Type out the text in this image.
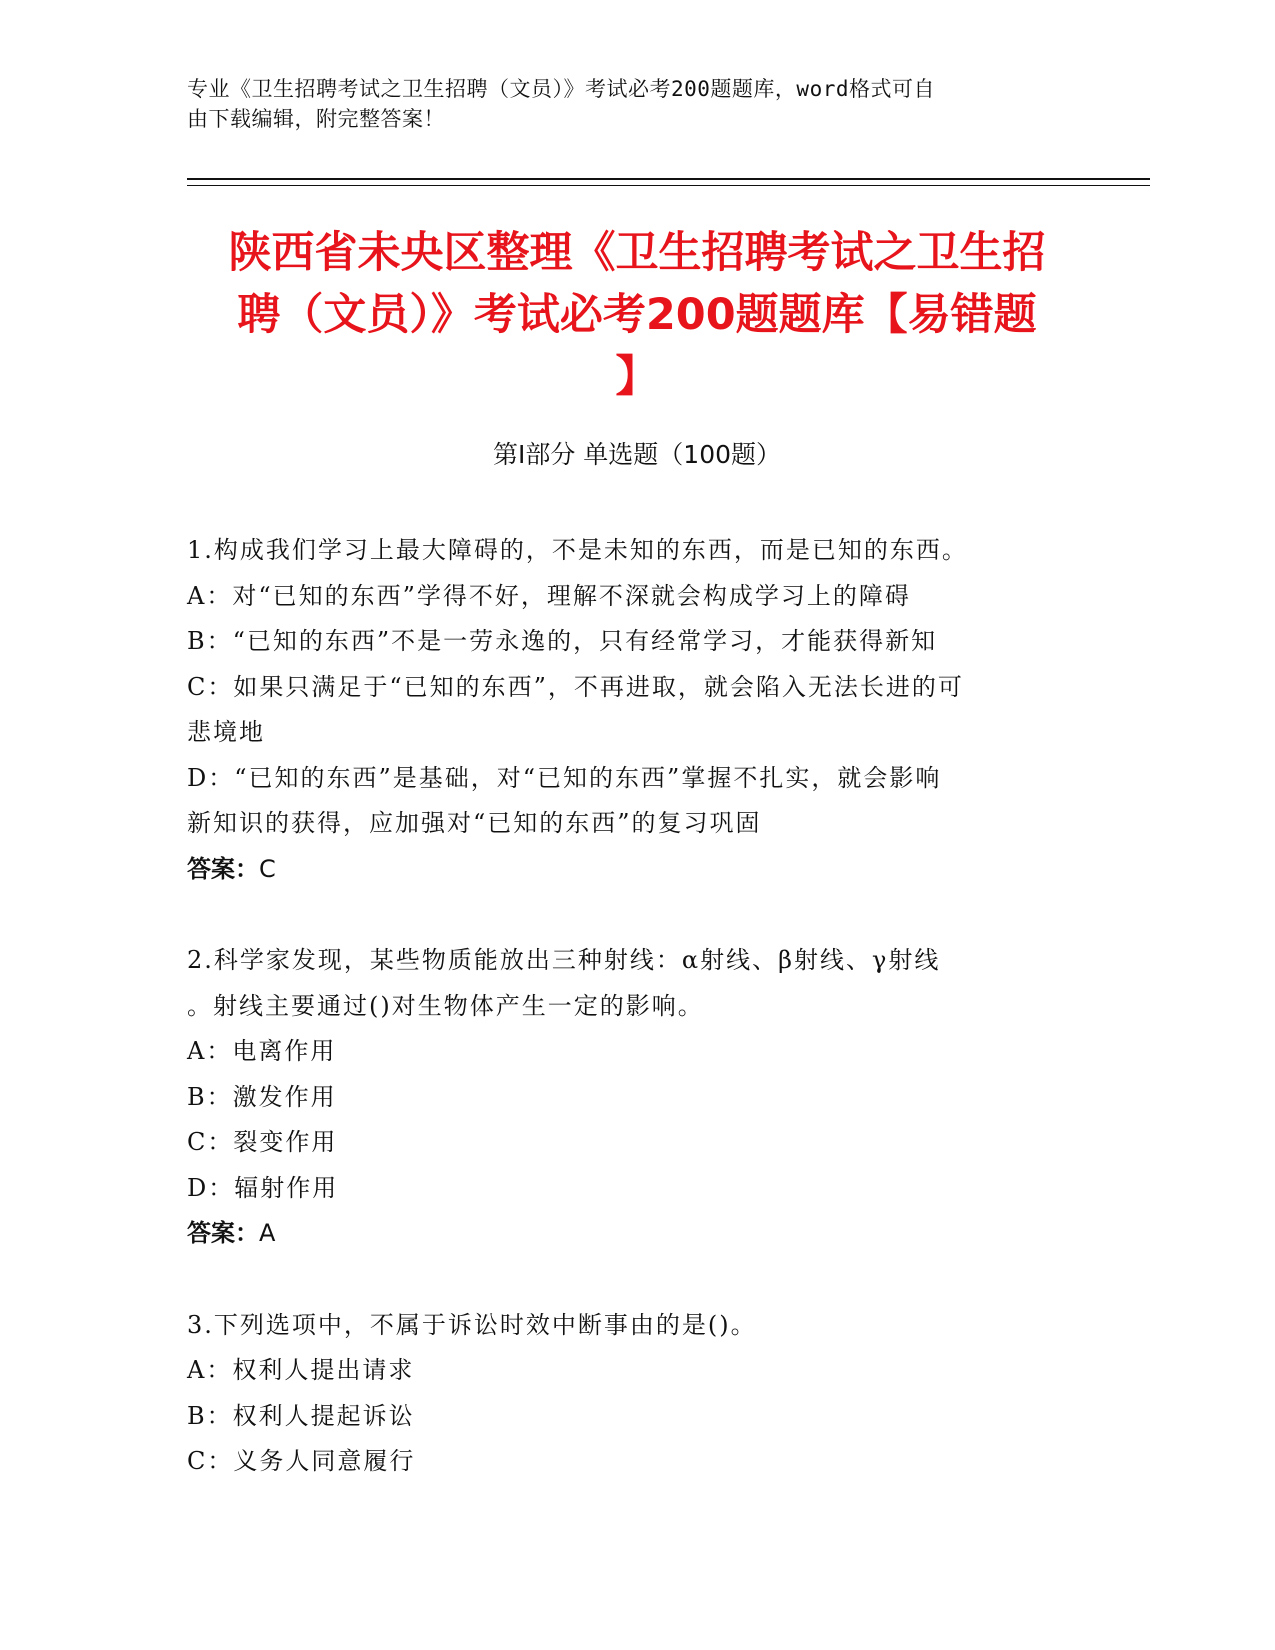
专业《卫生招聘考试之卫生招聘（文员）》考试必考200题题库，word格式可自
由下载编辑，附完整答案！
陕西省未央区整理《卫生招聘考试之卫生招
聘（文员）》考试必考200题题库【易错题
】
第Ⅰ部分 单选题（100题）

1.构成我们学习上最大障碍的，不是未知的东西，而是已知的东西。

A：对“已知的东西”学得不好，理解不深就会构成学习上的障碍

B：“已知的东西”不是一劳永逸的，只有经常学习，才能获得新知

C：如果只满足于“已知的东西”，不再进取，就会陷入无法长进的可

悲境地

D：“已知的东西”是基础，对“已知的东西”掌握不扎实，就会影响

新知识的获得，应加强对“已知的东西”的复习巩固

答案：C

2.科学家发现，某些物质能放出三种射线：α射线、β射线、γ射线

。射线主要通过()对生物体产生一定的影响。

A：电离作用

B：激发作用

C：裂变作用

D：辐射作用

答案：A

3.下列选项中，不属于诉讼时效中断事由的是()。

A：权利人提出请求

B：权利人提起诉讼

C：义务人同意履行
